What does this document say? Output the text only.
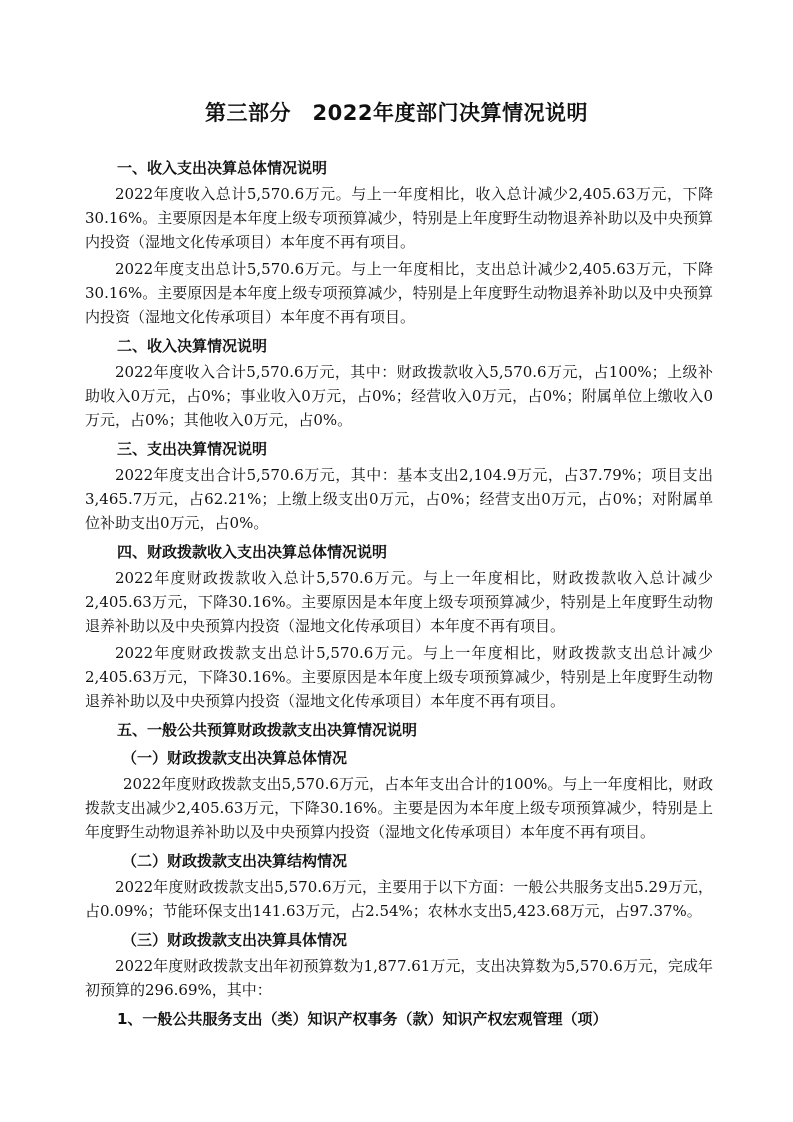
第三部分　2022年度部门决算情况说明
一、收入支出决算总体情况说明

2022年度收入总计5,570.6万元。与上一年度相比，收入总计减少2,405.63万元，下降30.16%。主要原因是本年度上级专项预算减少，特别是上年度野生动物退养补助以及中央预算内投资（湿地文化传承项目）本年度不再有项目。

2022年度支出总计5,570.6万元。与上一年度相比，支出总计减少2,405.63万元，下降30.16%。主要原因是本年度上级专项预算减少，特别是上年度野生动物退养补助以及中央预算内投资（湿地文化传承项目）本年度不再有项目。

二、收入决算情况说明

2022年度收入合计5,570.6万元，其中：财政拨款收入5,570.6万元，占100%；上级补助收入0万元，占0%；事业收入0万元，占0%；经营收入0万元，占0%；附属单位上缴收入0万元，占0%；其他收入0万元，占0%。

三、支出决算情况说明

2022年度支出合计5,570.6万元，其中：基本支出2,104.9万元，占37.79%；项目支出3,465.7万元，占62.21%；上缴上级支出0万元，占0%；经营支出0万元，占0%；对附属单位补助支出0万元，占0%。

四、财政拨款收入支出决算总体情况说明

2022年度财政拨款收入总计5,570.6万元。与上一年度相比，财政拨款收入总计减少2,405.63万元，下降30.16%。主要原因是本年度上级专项预算减少，特别是上年度野生动物退养补助以及中央预算内投资（湿地文化传承项目）本年度不再有项目。

2022年度财政拨款支出总计5,570.6万元。与上一年度相比，财政拨款支出总计减少2,405.63万元，下降30.16%。主要原因是本年度上级专项预算减少，特别是上年度野生动物退养补助以及中央预算内投资（湿地文化传承项目）本年度不再有项目。

五、一般公共预算财政拨款支出决算情况说明
（一）财政拨款支出决算总体情况

2022年度财政拨款支出5,570.6万元，占本年支出合计的100%。与上一年度相比，财政拨款支出减少2,405.63万元，下降30.16%。主要是因为本年度上级专项预算减少，特别是上年度野生动物退养补助以及中央预算内投资（湿地文化传承项目）本年度不再有项目。

（二）财政拨款支出决算结构情况

2022年度财政拨款支出5,570.6万元，主要用于以下方面：一般公共服务支出5.29万元，占0.09%；节能环保支出141.63万元，占2.54%；农林水支出5,423.68万元，占97.37%。

（三）财政拨款支出决算具体情况

2022年度财政拨款支出年初预算数为1,877.61万元，支出决算数为5,570.6万元，完成年初预算的296.69%，其中：

1、一般公共服务支出（类）知识产权事务（款）知识产权宏观管理（项）
